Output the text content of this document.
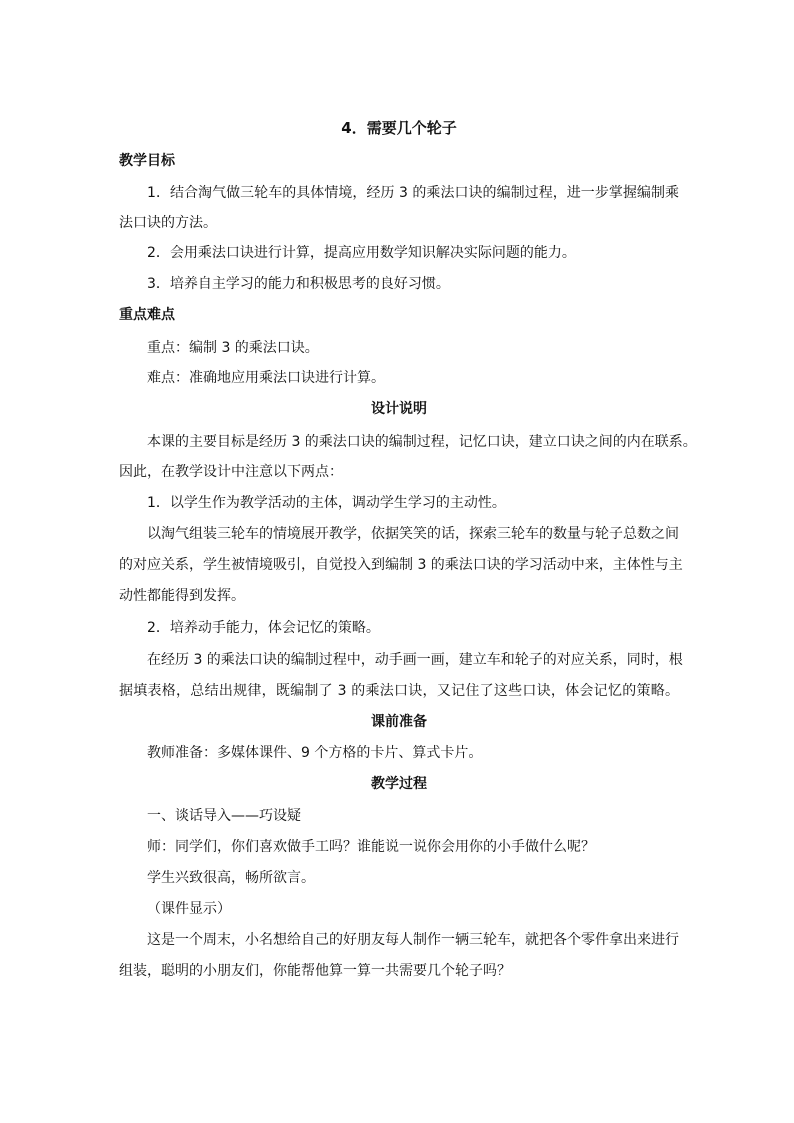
4．需要几个轮子
教学目标
1．结合淘气做三轮车的具体情境，经历 3 的乘法口诀的编制过程，进一步掌握编制乘
法口诀的方法。
2．会用乘法口诀进行计算，提高应用数学知识解决实际问题的能力。
3．培养自主学习的能力和积极思考的良好习惯。
重点难点
重点：编制 3 的乘法口诀。
难点：准确地应用乘法口诀进行计算。
设计说明
本课的主要目标是经历 3 的乘法口诀的编制过程，记忆口诀，建立口诀之间的内在联系。
因此，在教学设计中注意以下两点：
1．以学生作为教学活动的主体，调动学生学习的主动性。
以淘气组装三轮车的情境展开教学，依据笑笑的话，探索三轮车的数量与轮子总数之间
的对应关系，学生被情境吸引，自觉投入到编制 3 的乘法口诀的学习活动中来，主体性与主
动性都能得到发挥。
2．培养动手能力，体会记忆的策略。
在经历 3 的乘法口诀的编制过程中，动手画一画，建立车和轮子的对应关系，同时，根
据填表格，总结出规律，既编制了 3 的乘法口诀，又记住了这些口诀，体会记忆的策略。
课前准备
教师准备：多媒体课件、9 个方格的卡片、算式卡片。
教学过程
一、谈话导入——巧设疑
师：同学们，你们喜欢做手工吗？谁能说一说你会用你的小手做什么呢？
学生兴致很高，畅所欲言。
（课件显示）
这是一个周末，小名想给自己的好朋友每人制作一辆三轮车，就把各个零件拿出来进行
组装，聪明的小朋友们，你能帮他算一算一共需要几个轮子吗？
